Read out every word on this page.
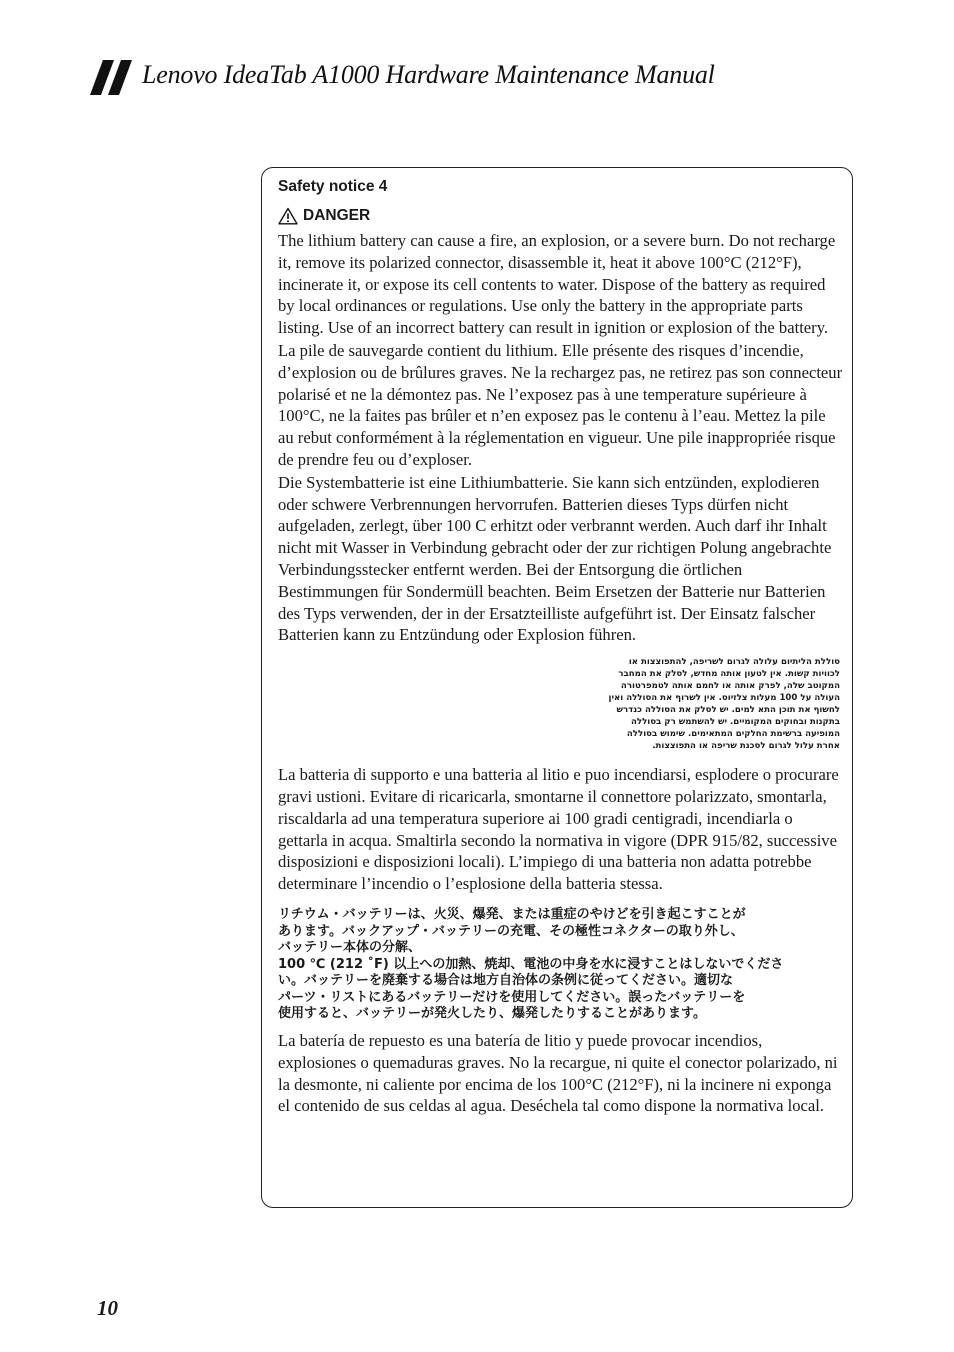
Lenovo IdeaTab A1000 Hardware Maintenance Manual
Safety notice 4
DANGER

The lithium battery can cause a fire, an explosion, or a severe burn. Do not recharge it, remove its polarized connector, disassemble it, heat it above 100°C (212°F), incinerate it, or expose its cell contents to water. Dispose of the battery as required by local ordinances or regulations. Use only the battery in the appropriate parts listing. Use of an incorrect battery can result in ignition or explosion of the battery.

La pile de sauvegarde contient du lithium. Elle présente des risques d’incendie, d’explosion ou de brûlures graves. Ne la rechargez pas, ne retirez pas son connecteur polarisé et ne la démontez pas. Ne l’exposez pas à une temperature supérieure à 100°C, ne la faites pas brûler et n’en exposez pas le contenu à l’eau. Mettez la pile au rebut conformément à la réglementation en vigueur. Une pile inappropriée risque de prendre feu ou d’exploser.

Die Systembatterie ist eine Lithiumbatterie. Sie kann sich entzünden, explodieren oder schwere Verbrennungen hervorrufen. Batterien dieses Typs dürfen nicht aufgeladen, zerlegt, über 100 C erhitzt oder verbrannt werden. Auch darf ihr Inhalt nicht mit Wasser in Verbindung gebracht oder der zur richtigen Polung angebrachte Verbindungsstecker entfernt werden. Bei der Entsorgung die örtlichen Bestimmungen für Sondermüll beachten. Beim Ersetzen der Batterie nur Batterien des Typs verwenden, der in der Ersatzteilliste aufgeführt ist. Der Einsatz falscher Batterien kann zu Entzündung oder Explosion führen.

סוללת הליתיום עלולה לגרום לשריפה, להתפוצצות או
לכוויות קשות. אין לטעון אותה מחדש, לסלק את המחבר
המקוטב שלה, לפרק אותה או לחמם אותה לטמפרטורה
העולה על 100 מעלות צלזיוס. אין לשרוף את הסוללה ואין
לחשוף את תוכן התא למים. יש לסלק את הסוללה כנדרש
בתקנות ובחוקים המקומיים. יש להשתמש רק בסוללה
המופיעה ברשימת החלקים המתאימים. שימוש בסוללה
אחרת עלול לגרום לסכנת שריפה או התפוצצות.

La batteria di supporto e una batteria al litio e puo incendiarsi, esplodere o procurare gravi ustioni. Evitare di ricaricarla, smontarne il connettore polarizzato, smontarla, riscaldarla ad una temperatura superiore ai 100 gradi centigradi, incendiarla o gettarla in acqua. Smaltirla secondo la normativa in vigore (DPR 915/82, successive disposizioni e disposizioni locali). L’impiego di una batteria non adatta potrebbe determinare l’incendio o l’esplosione della batteria stessa.

リチウム・バッテリーは、火災、爆発、または重症のやけどを引き起こすことが
あります。バックアップ・バッテリーの充電、その極性コネクターの取り外し、
バッテリー本体の分解、
100 ℃ (212 ˚F) 以上への加熱、焼却、電池の中身を水に浸すことはしないでくださ
い。バッテリーを廃棄する場合は地方自治体の条例に従ってください。適切な
パーツ・リストにあるバッテリーだけを使用してください。誤ったバッテリーを
使用すると、バッテリーが発火したり、爆発したりすることがあります。

La batería de repuesto es una batería de litio y puede provocar incendios, explosiones o quemaduras graves. No la recargue, ni quite el conector polarizado, ni la desmonte, ni caliente por encima de los 100°C (212°F), ni la incinere ni exponga el contenido de sus celdas al agua. Deséchela tal como dispone la normativa local.

10
